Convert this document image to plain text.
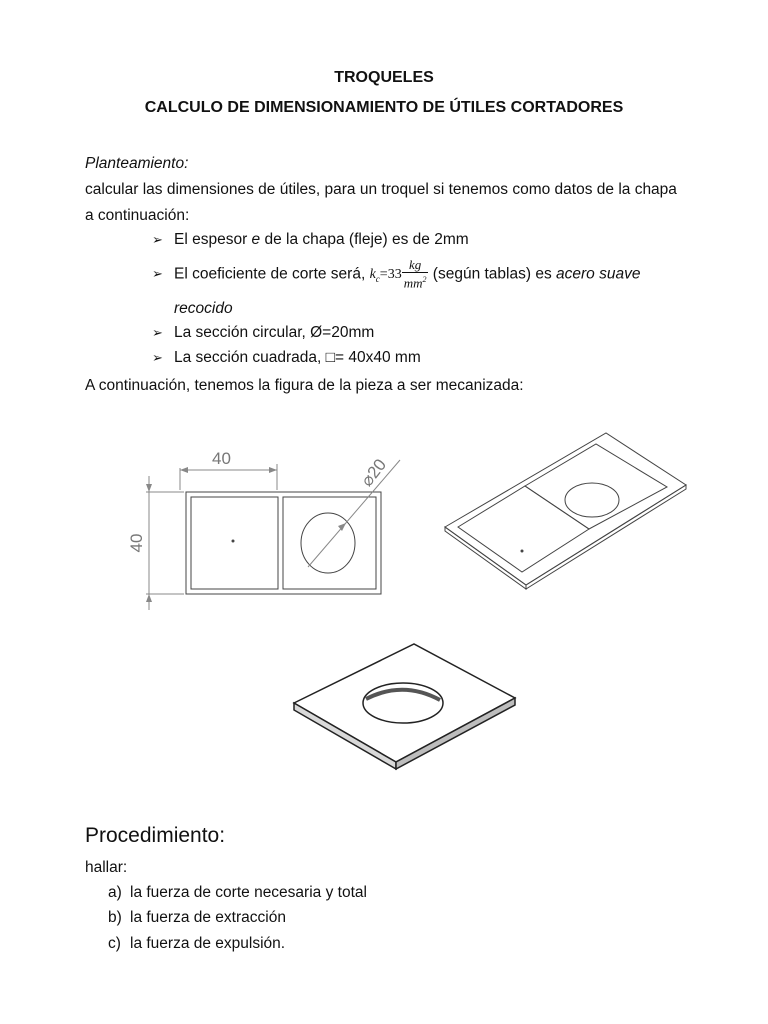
TROQUELES
CALCULO DE DIMENSIONAMIENTO DE ÚTILES CORTADORES
Planteamiento:
calcular las dimensiones de útiles, para un troquel si tenemos como datos de la chapa
a continuación:
➢ El espesor e de la chapa (fleje) es de 2mm
➢ El coeficiente de corte será, $k_c=33 \frac{kg}{mm^2}$ (según tablas) es acero suave
recocido
➢ La sección circular, Ø=20mm
➢ La sección cuadrada, □= 40x40 mm
A continuación, tenemos la figura de la pieza a ser mecanizada:
40
40
⌀20
Procedimiento:
hallar:
a) la fuerza de corte necesaria y total
b) la fuerza de extracción
c) la fuerza de expulsión.
